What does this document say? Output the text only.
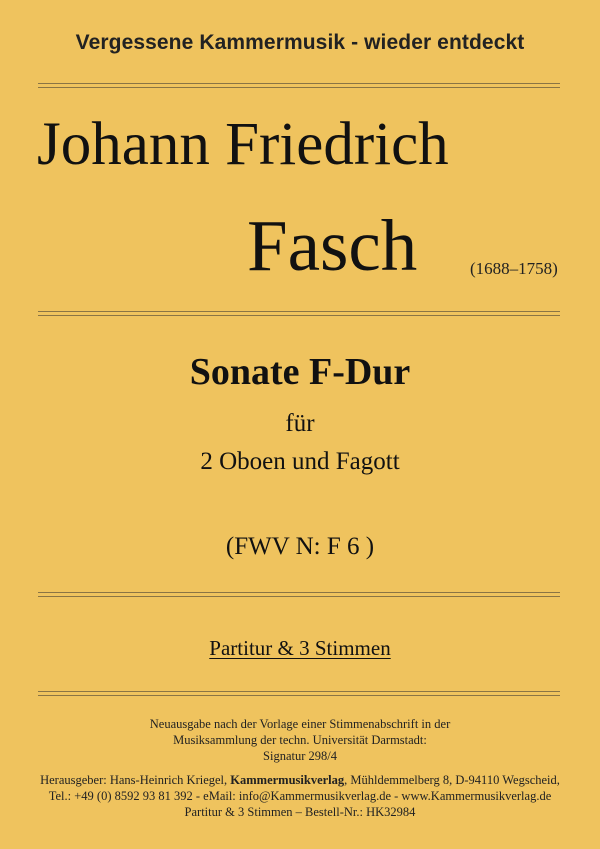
Vergessene Kammermusik - wieder entdeckt
Johann Friedrich
Fasch	(1688–1758)
Sonate F-Dur
für
2 Oboen und Fagott
(FWV N: F 6 )
Partitur & 3 Stimmen
Neuausgabe nach der Vorlage einer Stimmenabschrift in der
Musiksammlung der techn. Universität Darmstadt:
Signatur 298/4
Herausgeber: Hans-Heinrich Kriegel, Kammermusikverlag, Mühldemmelberg 8, D-94110 Wegscheid,
Tel.: +49 (0) 8592 93 81 392 - eMail: info@Kammermusikverlag.de - www.Kammermusikverlag.de
Partitur & 3 Stimmen – Bestell-Nr.: HK32984
